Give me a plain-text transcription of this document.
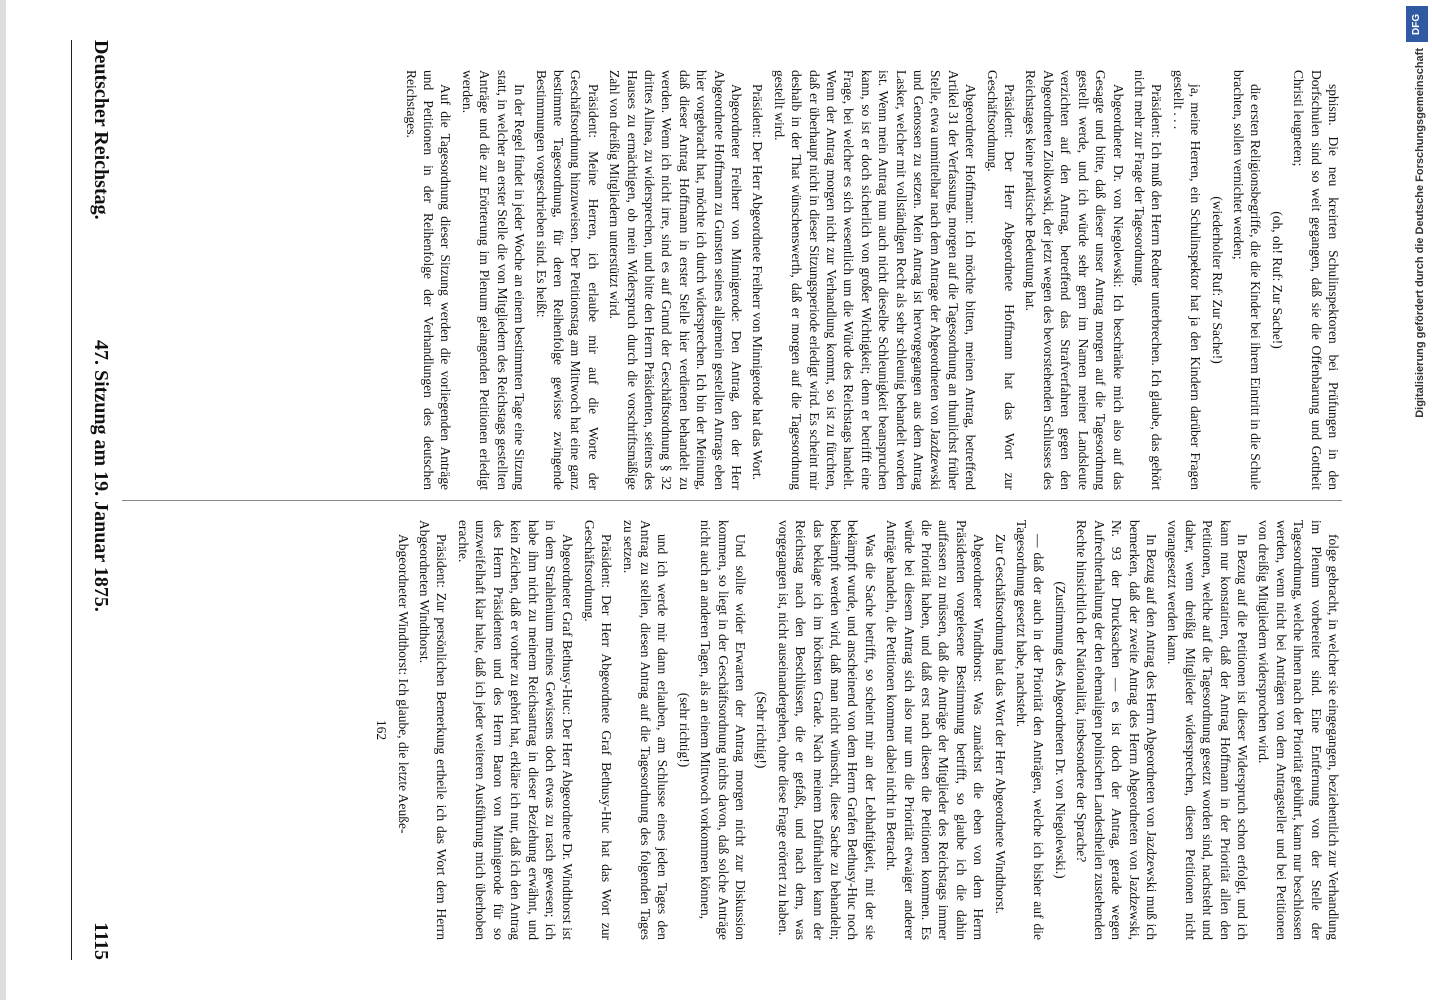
Deutscher Reichstag.
47. Sitzung am 19. Januar 1875.
1115

sphism. Die neu kreirten Schulinspektoren bei Prüfungen in den Dorfschulen sind so weit gegangen, daß sie die Offenbarung und Gottheit Christi leugneten;

(oh, oh! Ruf: Zur Sache!)

die ersten Religionsbegriffe, die die Kinder bei ihrem Eintritt in die Schule brachten, sollen vernichtet werden;

(wiederholter Ruf: Zur Sache!)

ja, meine Herren, ein Schulinspektor hat ja den Kindern darüber Fragen gestellt . . .

Präsident: Ich muß den Herrn Redner unterbrechen. Ich glaube, das gehört nicht mehr zur Frage der Tagesordnung.

Abgeordneter Dr. von Niegolewski: Ich beschränke mich also auf das Gesagte und bitte, daß dieser unser Antrag morgen auf die Tagesordnung gestellt werde, und ich würde sehr gern im Namen meiner Landsleute verzichten auf den Antrag, betreffend das Strafverfahren gegen den Abgeordneten Ziolkowski, der jetzt wegen des bevorstehenden Schlusses des Reichstages keine praktische Bedeutung hat.

Präsident: Der Herr Abgeordnete Hoffmann hat das Wort zur Geschäftsordnung.

Abgeordneter Hoffmann: Ich möchte bitten, meinen Antrag, betreffend Artikel 31 der Verfassung, morgen auf die Tagesordnung an thunlichst früher Stelle, etwa unmittelbar nach dem Antrage der Abgeordneten von Jazdzewski und Genossen zu setzen. Mein Antrag ist hervorgegangen aus dem Antrag Lasker, welcher mit vollständigen Recht als sehr schleunig behandelt worden ist. Wenn mein Antrag nun auch nicht dieselbe Schleunigkeit beanspruchen kann, so ist er doch sicherlich von großer Wichtigkeit; denn er betrifft eine Frage, bei welcher es sich wesentlich um die Würde des Reichstags handelt. Wenn der Antrag morgen nicht zur Verhandlung kommt, so ist zu fürchten, daß er überhaupt nicht in dieser Sitzungsperiode erledigt wird. Es scheint mir deshalb in der That wünschenswerth, daß er morgen auf die Tagesordnung gestellt wird.

Präsident: Der Herr Abgeordnete Freiherr von Minnigerode hat das Wort.

Abgeordneter Freiherr von Minnigerode: Den Antrag, den der Herr Abgeordnete Hoffmann zu Gunsten seines allgemein gestellten Antrags eben hier vorgebracht hat, möchte ich durch widersprechen. Ich bin der Meinung, daß dieser Antrag Hoffmann in erster Stelle hier verdienen behandelt zu werden. Wenn ich nicht irre, sind es auf Grund der Geschäftsordnung § 32 drittes Alinea, zu widersprechen, und bitte den Herrn Präsidenten, seitens des Hauses zu ermächtigen, ob mein Widerspruch durch die vorschriftsmäßige Zahl von dreißig Mitgliedern unterstützt wird.

Präsident: Meine Herren, ich erlaube mir auf die Worte der Geschäftsordnung hinzuweisen. Der Petitionstag am Mittwoch hat eine ganz bestimmte Tagesordnung, für deren Reihenfolge gewisse zwingende Bestimmungen vorgeschrieben sind. Es heißt:

In der Regel findet in jeder Woche an einem bestimmten Tage eine Sitzung statt, in welcher an erster Stelle die von Mitgliedern des Reichstags gestellten Anträge und die zur Erörterung im Plenum gelangenden Petitionen erledigt werden.

Auf die Tagesordnung dieser Sitzung werden die vorliegenden Anträge und Petitionen in der Reihenfolge der Verhandlungen des deutschen Reichstages.

folge gebracht, in welcher sie eingegangen, beziehentlich zur Verhandlung im Plenum vorbereitet sind. Eine Entfernung von der Stelle der Tagesordnung, welche ihnen nach der Priorität gebührt, kann nur beschlossen werden, wenn nicht bei Anträgen von dem Antragsteller und bei Petitionen von dreißig Mitgliedern widersprochen wird.

In Bezug auf die Petitionen ist dieser Widerspruch schon erfolgt, und ich kann nur konstatiren, daß der Antrag Hoffmann in der Priorität allen den Petitionen, welche auf die Tagesordnung gesetzt worden sind, nachsteht und daher, wenn dreißig Mitglieder widersprechen, diesen Petitionen nicht vorangesetzt werden kann.

In Bezug auf den Antrag des Herrn Abgeordneten von Jazdzewski muß ich bemerken, daß der zweite Antrag des Herrn Abgeordneten von Jazdzewski, Nr. 93 der Drucksachen — es ist doch der Antrag, gerade wegen Aufrechterhaltung der den ehemaligen polnischen Landestheilen zustehenden Rechte hinsichtlich der Nationalität, insbesondere der Sprache?

(Zustimmung des Abgeordneten Dr. von Niegolewski.)

— daß der auch in der Priorität den Anträgen, welche ich bisher auf die Tagesordnung gesetzt habe, nachsteht.

Zur Geschäftsordnung hat das Wort der Herr Abgeordnete Windthorst.

Abgeordneter Windthorst: Was zunächst die eben von dem Herrn Präsidenten vorgelesene Bestimmung betrifft, so glaube ich die dahin auffassen zu müssen, daß die Anträge der Mitglieder des Reichstags immer die Priorität haben, und daß erst nach diesen die Petitionen kommen. Es würde bei diesem Antrag sich also nur um die Priorität etwaiger anderer Anträge handeln, die Petitionen kommen dabei nicht in Betracht.

Was die Sache betrifft, so scheint mir an der Lebhaftigkeit, mit der sie bekämpft wurde, und anscheinend von dem Herrn Grafen Bethusy-Huc noch bekämpft werden wird, daß man nicht wünscht, diese Sache zu behandeln; das beklage ich im höchsten Grade. Nach meinem Dafürhalten kann der Reichstag nach den Beschlüssen, die er gefaßt, und nach dem, was vorgegangen ist, nicht auseinandergehen, ohne diese Frage erörtert zu haben.

(Sehr richtig!)

Und sollte wider Erwarten der Antrag morgen nicht zur Diskussion kommen, so liegt in der Geschäftsordnung nichts davon, daß solche Anträge nicht auch an anderen Tagen, als an einem Mittwoch vorkommen können,

(sehr richtig!)

und ich werde mir dann erlauben, am Schlusse eines jeden Tages den Antrag zu stellen, diesen Antrag auf die Tagesordnung des folgenden Tages zu setzen.

Präsident: Der Herr Abgeordnete Graf Bethusy-Huc hat das Wort zur Geschäftsordnung.

Abgeordneter Graf Bethusy-Huc: Der Herr Abgeordnete Dr. Windthorst ist in dem Strahlenium meines Gewissens doch etwas zu rasch gewesen; ich habe ihm nicht zu meinem Reichsantrag in dieser Beziehung erwähnt, und kein Zeichen, daß er vorher zu gehört hat, erkläre ich nur, daß ich den Antrag des Herrn Präsidenten und des Herrn Baron von Minnigerode für so unzweifelhaft klar halte, daß ich jeder weiteren Ausführung mich überhoben erachte.

Präsident: Zur persönlichen Bemerkung ertheile ich das Wort dem Herrn Abgeordneten Windthorst.

Abgeordneter Windthorst: Ich glaube, die letzte Aeuße-

162

DFG
Digitalisierung gefördert durch die Deutsche Forschungsgemeinschaft
